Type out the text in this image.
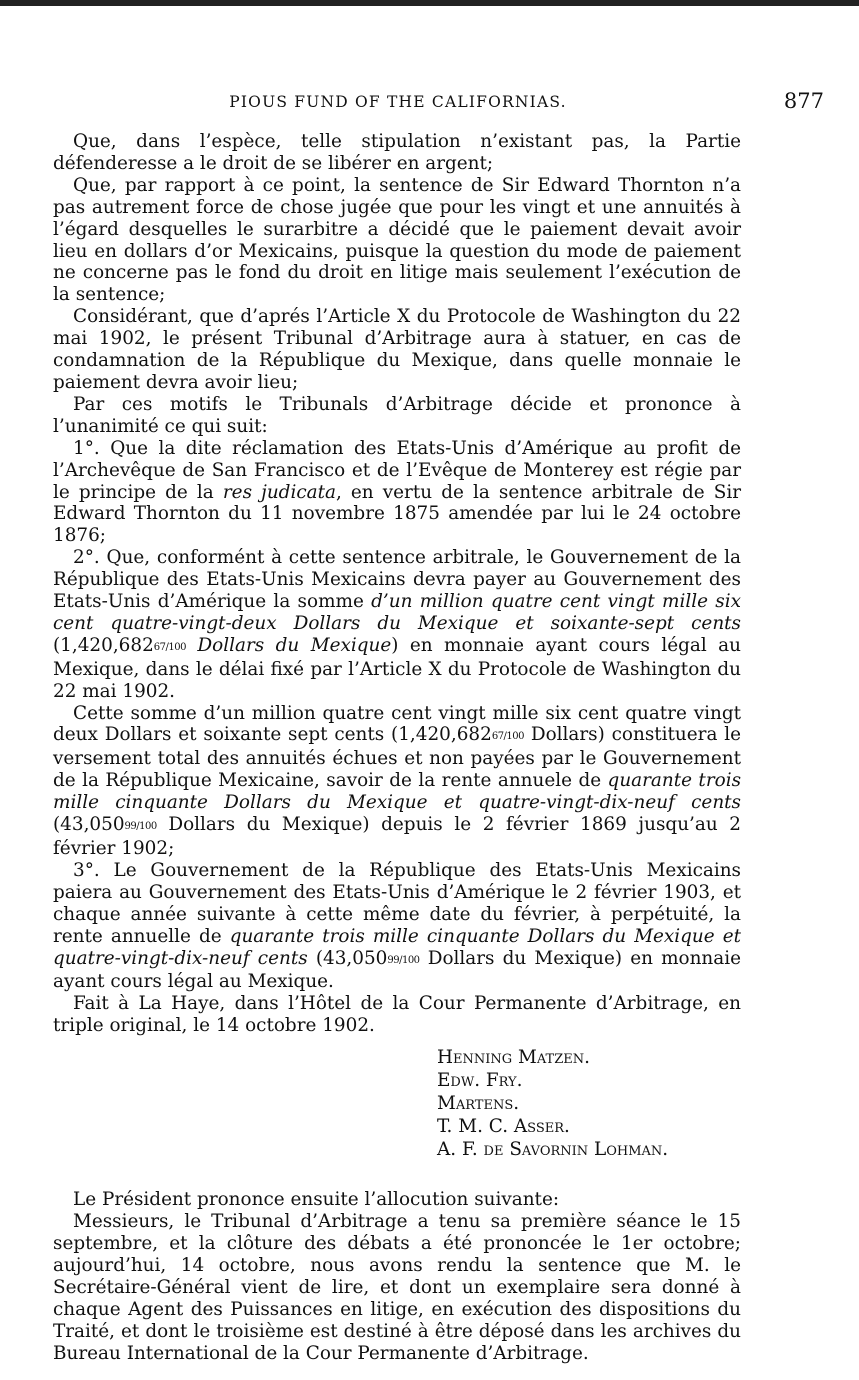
PIOUS FUND OF THE CALIFORNIAS.	877

Que, dans l’espèce, telle stipulation n’existant pas, la Partie défenderesse a le droit de se libérer en argent;

Que, par rapport à ce point, la sentence de Sir Edward Thornton n’a pas autrement force de chose jugée que pour les vingt et une annuités à l’égard desquelles le surarbitre a décidé que le paiement devait avoir lieu en dollars d’or Mexicains, puisque la question du mode de paiement ne concerne pas le fond du droit en litige mais seulement l’exécution de la sentence;

Considérant, que d’aprés l’Article X du Protocole de Washington du 22 mai 1902, le présent Tribunal d’Arbitrage aura à statuer, en cas de condamnation de la République du Mexique, dans quelle monnaie le paiement devra avoir lieu;

Par ces motifs le Tribunals d’Arbitrage décide et prononce à l’unanimité ce qui suit:

1°. Que la dite réclamation des Etats-Unis d’Amérique au profit de l’Archevêque de San Francisco et de l’Evêque de Monterey est régie par le principe de la res judicata, en vertu de la sentence arbitrale de Sir Edward Thornton du 11 novembre 1875 amendée par lui le 24 octobre 1876;

2°. Que, conformént à cette sentence arbitrale, le Gouvernement de la République des Etats-Unis Mexicains devra payer au Gouvernement des Etats-Unis d’Amérique la somme d’un million quatre cent vingt mille six cent quatre-vingt-deux Dollars du Mexique et soixante-sept cents (1,420,68267/100 Dollars du Mexique) en monnaie ayant cours légal au Mexique, dans le délai fixé par l’Article X du Protocole de Washington du 22 mai 1902.

Cette somme d’un million quatre cent vingt mille six cent quatre vingt deux Dollars et soixante sept cents (1,420,68267/100 Dollars) constituera le versement total des annuités échues et non payées par le Gouvernement de la République Mexicaine, savoir de la rente annuele de quarante trois mille cinquante Dollars du Mexique et quatre-vingt-dix-neuf cents (43,05099/100 Dollars du Mexique) depuis le 2 février 1869 jusqu’au 2 février 1902;

3°. Le Gouvernement de la République des Etats-Unis Mexicains paiera au Gouvernement des Etats-Unis d’Amérique le 2 février 1903, et chaque année suivante à cette même date du février, à perpétuité, la rente annuelle de quarante trois mille cinquante Dollars du Mexique et quatre-vingt-dix-neuf cents (43,05099/100 Dollars du Mexique) en monnaie ayant cours légal au Mexique.

Fait à La Haye, dans l’Hôtel de la Cour Permanente d’Arbitrage, en triple original, le 14 octobre 1902.

Henning Matzen.
Edw. Fry.
Martens.
T. M. C. Asser.
A. F. de Savornin Lohman.

Le Président prononce ensuite l’allocution suivante:

Messieurs, le Tribunal d’Arbitrage a tenu sa première séance le 15 septembre, et la clôture des débats a été prononcée le 1er octobre; aujourd’hui, 14 octobre, nous avons rendu la sentence que M. le Secrétaire-Général vient de lire, et dont un exemplaire sera donné à chaque Agent des Puissances en litige, en exécution des dispositions du Traité, et dont le troisième est destiné à être déposé dans les archives du Bureau International de la Cour Permanente d’Arbitrage.
